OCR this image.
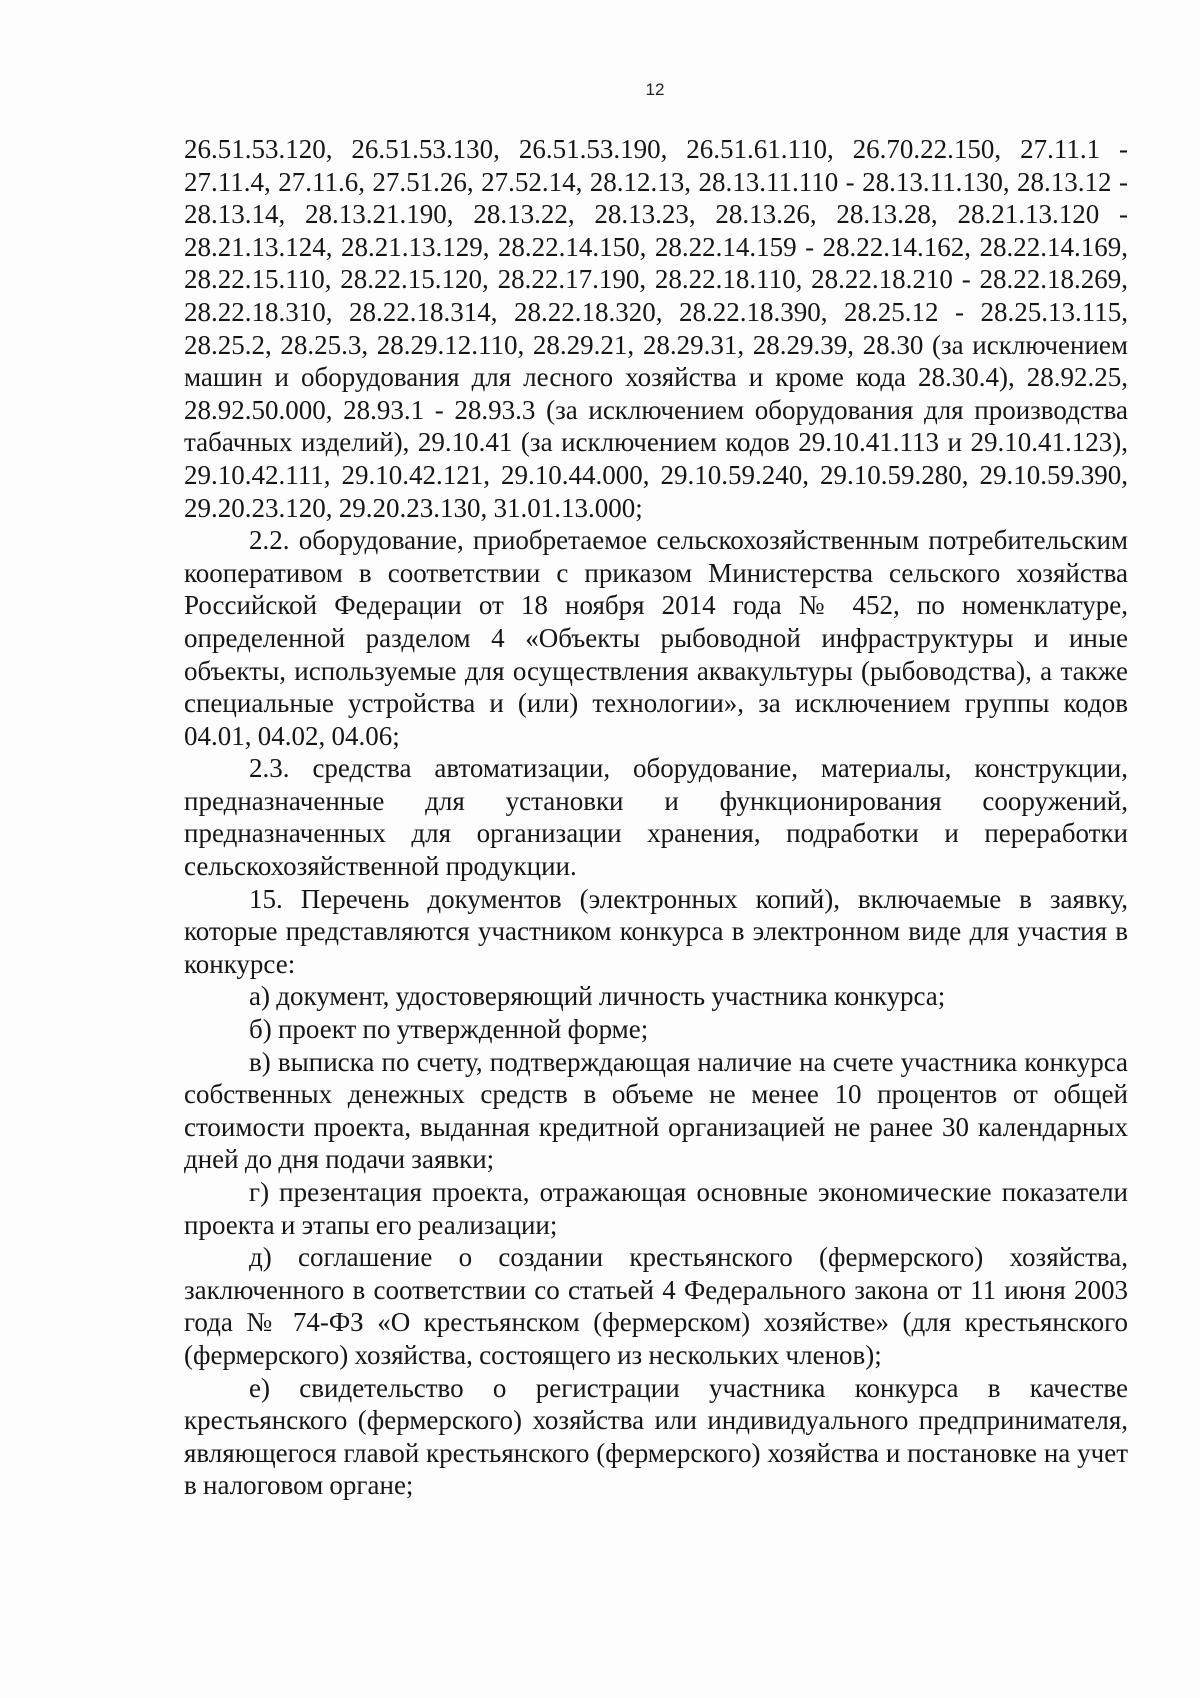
12

26.51.53.120, 26.51.53.130, 26.51.53.190, 26.51.61.110, 26.70.22.150, 27.11.1 - 27.11.4, 27.11.6, 27.51.26, 27.52.14, 28.12.13, 28.13.11.110 - 28.13.11.130, 28.13.12 - 28.13.14, 28.13.21.190, 28.13.22, 28.13.23, 28.13.26, 28.13.28, 28.21.13.120 - 28.21.13.124, 28.21.13.129, 28.22.14.150, 28.22.14.159 - 28.22.14.162, 28.22.14.169, 28.22.15.110, 28.22.15.120, 28.22.17.190, 28.22.18.110, 28.22.18.210 - 28.22.18.269, 28.22.18.310, 28.22.18.314, 28.22.18.320, 28.22.18.390, 28.25.12 - 28.25.13.115, 28.25.2, 28.25.3, 28.29.12.110, 28.29.21, 28.29.31, 28.29.39, 28.30 (за исключением машин и оборудования для лесного хозяйства и кроме кода 28.30.4), 28.92.25, 28.92.50.000, 28.93.1 - 28.93.3 (за исключением оборудования для производства табачных изделий), 29.10.41 (за исключением кодов 29.10.41.113 и 29.10.41.123), 29.10.42.111, 29.10.42.121, 29.10.44.000, 29.10.59.240, 29.10.59.280, 29.10.59.390, 29.20.23.120, 29.20.23.130, 31.01.13.000;

2.2. оборудование, приобретаемое сельскохозяйственным потребительским кооперативом в соответствии с приказом Министерства сельского хозяйства Российской Федерации от 18 ноября 2014 года № 452, по номенклатуре, определенной разделом 4 «Объекты рыбоводной инфраструктуры и иные объекты, используемые для осуществления аквакультуры (рыбоводства), а также специальные устройства и (или) технологии», за исключением группы кодов 04.01, 04.02, 04.06;

2.3. средства автоматизации, оборудование, материалы, конструкции, предназначенные для установки и функционирования сооружений, предназначенных для организации хранения, подработки и переработки сельскохозяйственной продукции.

15. Перечень документов (электронных копий), включаемые в заявку, которые представляются участником конкурса в электронном виде для участия в конкурсе:

а) документ, удостоверяющий личность участника конкурса;

б) проект по утвержденной форме;

в) выписка по счету, подтверждающая наличие на счете участника конкурса собственных денежных средств в объеме не менее 10 процентов от общей стоимости проекта, выданная кредитной организацией не ранее 30 календарных дней до дня подачи заявки;

г) презентация проекта, отражающая основные экономические показатели проекта и этапы его реализации;

д) соглашение о создании крестьянского (фермерского) хозяйства, заключенного в соответствии со статьей 4 Федерального закона от 11 июня 2003 года № 74-ФЗ «О крестьянском (фермерском) хозяйстве» (для крестьянского (фермерского) хозяйства, состоящего из нескольких членов);

е) свидетельство о регистрации участника конкурса в качестве крестьянского (фермерского) хозяйства или индивидуального предпринимателя, являющегося главой крестьянского (фермерского) хозяйства и постановке на учет в налоговом органе;
